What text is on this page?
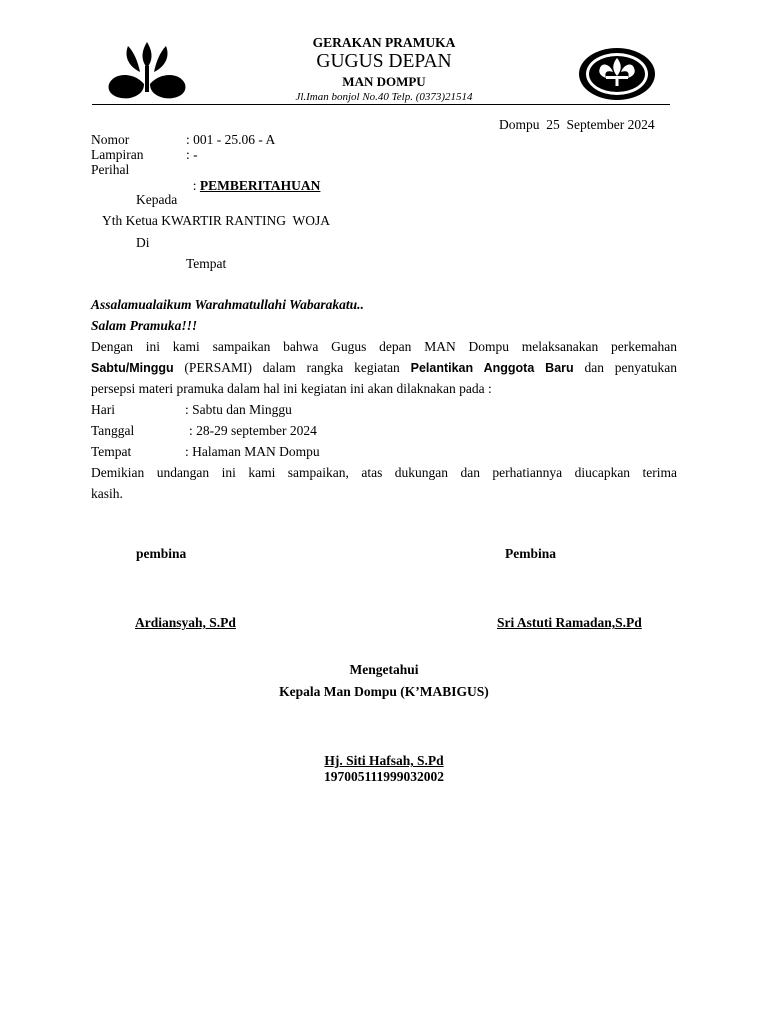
GERAKAN PRAMUKA
GUGUS DEPAN
MAN DOMPU
Jl.Iman bonjol No.40 Telp. (0373)21514
Dompu  25  September 2024
Nomor	: 001 - 25.06 - A
Lampiran	: -
Perihal

: PEMBERITAHUAN

Kepada
Yth Ketua KWARTIR RANTING  WOJA
Di
Tempat
Assalamualaikum Warahmatullahi Wabarakatu..
Salam Pramuka!!!
Dengan ini kami sampaikan bahwa Gugus depan MAN Dompu melaksanakan perkemahan
Sabtu/Minggu (PERSAMI) dalam rangka kegiatan Pelantikan Anggota Baru dan penyatukan
persepsi materi pramuka dalam hal ini kegiatan ini akan dilaknakan pada :
Hari	: Sabtu dan Minggu
Tanggal	: 28-29 september 2024
Tempat	: Halaman MAN Dompu
Demikian undangan ini kami sampaikan, atas dukungan dan perhatiannya diucapkan terima
kasih.
pembina	Pembina
Ardiansyah, S.Pd	Sri Astuti Ramadan,S.Pd
Mengetahui
Kepala Man Dompu (K’MABIGUS)
Hj. Siti Hafsah, S.Pd
197005111999032002
